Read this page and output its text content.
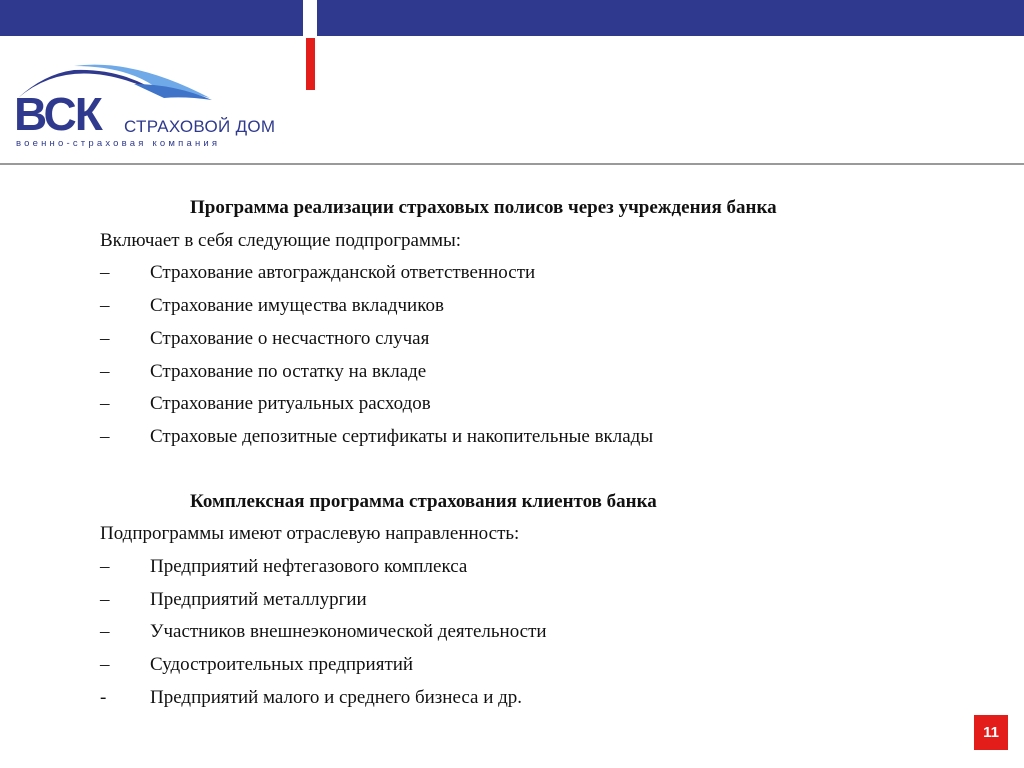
ВСК СТРАХОВОЙ ДОМ
военно-страховая компания
Программа реализации страховых полисов через учреждения банка
Включает в себя следующие подпрограммы:
– Страхование автогражданской ответственности
– Страхование имущества вкладчиков
– Страхование о несчастного случая
– Страхование по остатку на вкладе
– Страхование ритуальных расходов
– Страховые депозитные сертификаты и накопительные вклады
Комплексная программа страхования клиентов банка
Подпрограммы имеют отраслевую направленность:
– Предприятий нефтегазового комплекса
– Предприятий металлургии
– Участников внешнеэкономической деятельности
– Судостроительных предприятий
- Предприятий малого и среднего бизнеса и др.
11
